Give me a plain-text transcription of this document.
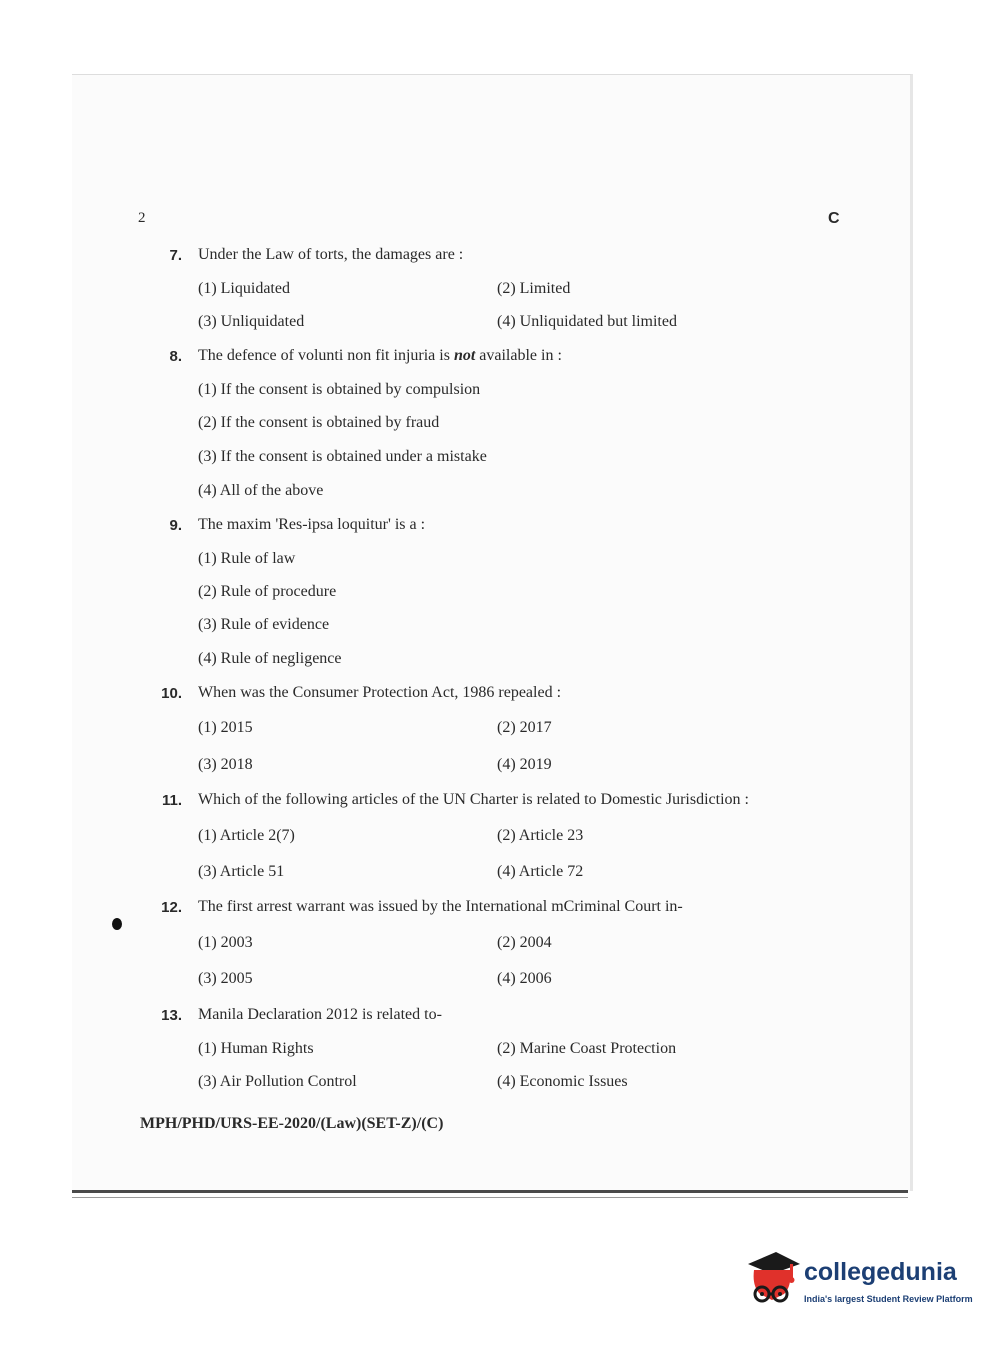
2	C
7. Under the Law of torts, the damages are :
(1) Liquidated	(2) Limited
(3) Unliquidated	(4) Unliquidated but limited
8. The defence of volunti non fit injuria is not available in :
(1) If the consent is obtained by compulsion
(2) If the consent is obtained by fraud
(3) If the consent is obtained under a mistake
(4) All of the above
9. The maxim 'Res-ipsa loquitur' is a :
(1) Rule of law
(2) Rule of procedure
(3) Rule of evidence
(4) Rule of negligence
10. When was the Consumer Protection Act, 1986 repealed :
(1) 2015	(2) 2017
(3) 2018	(4) 2019
11. Which of the following articles of the UN Charter is related to Domestic Jurisdiction :
(1) Article 2(7)	(2) Article 23
(3) Article 51	(4) Article 72
12. The first arrest warrant was issued by the International mCriminal Court in-
(1) 2003	(2) 2004
(3) 2005	(4) 2006
13. Manila Declaration 2012 is related to-
(1) Human Rights	(2) Marine Coast Protection
(3) Air Pollution Control	(4) Economic Issues
MPH/PHD/URS-EE-2020/(Law)(SET-Z)/(C)
collegedunia
India's largest Student Review Platform
